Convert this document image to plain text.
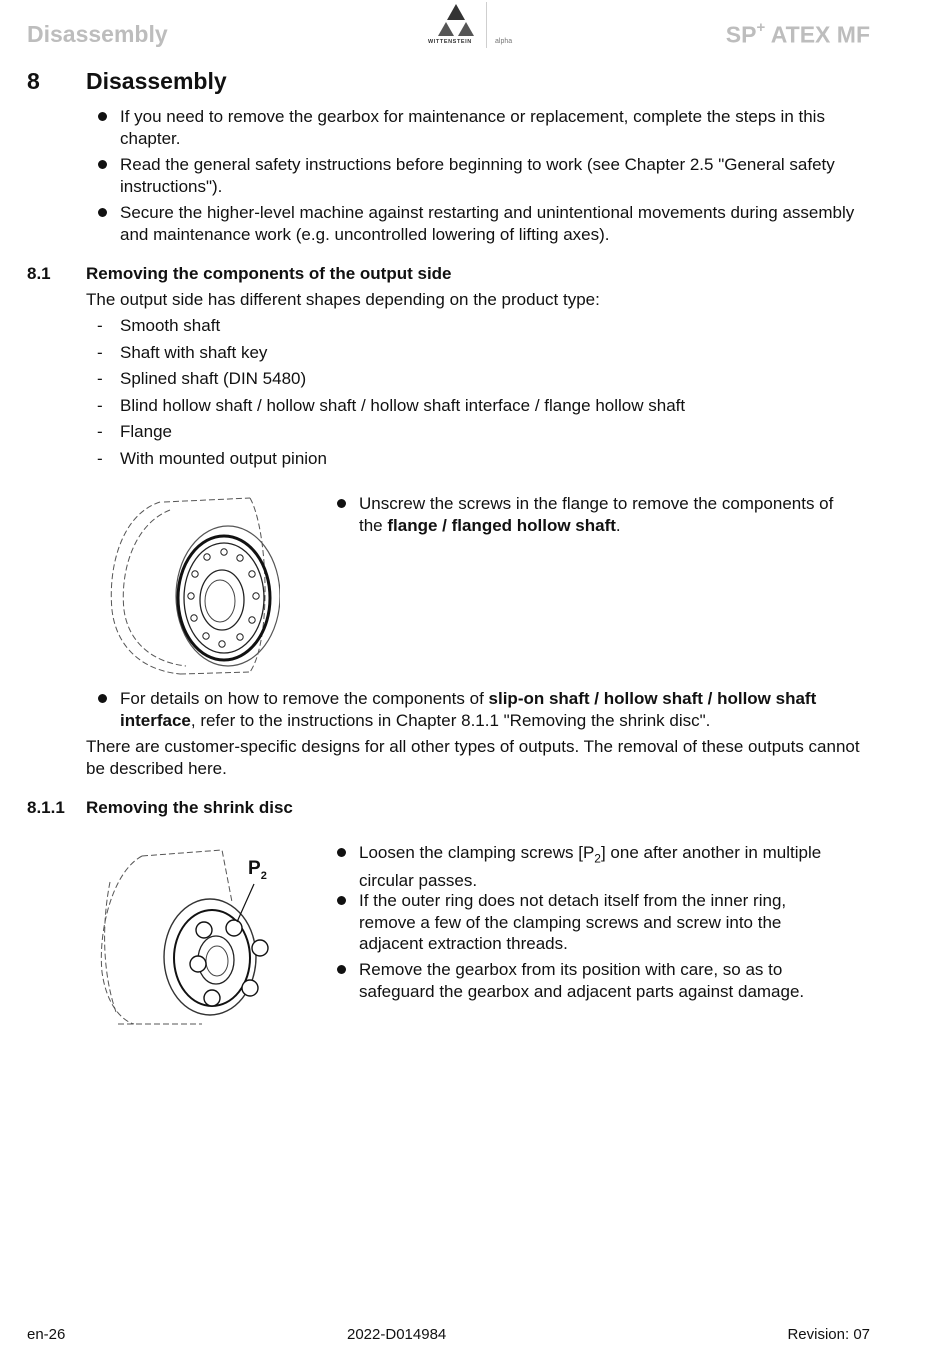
Disassembly	WITTENSTEIN	alpha	SP+ ATEX MF
8 Disassembly
If you need to remove the gearbox for maintenance or replacement, complete the steps in this chapter.
Read the general safety instructions before beginning to work (see Chapter 2.5 "General safety instructions").
Secure the higher-level machine against restarting and unintentional movements during assembly and maintenance work (e.g. uncontrolled lowering of lifting axes).
8.1 Removing the components of the output side
The output side has different shapes depending on the product type:
- Smooth shaft
- Shaft with shaft key
- Splined shaft (DIN 5480)
- Blind hollow shaft / hollow shaft / hollow shaft interface / flange hollow shaft
- Flange
- With mounted output pinion
Unscrew the screws in the flange to remove the components of the flange / flanged hollow shaft.
For details on how to remove the components of slip-on shaft / hollow shaft / hollow shaft interface, refer to the instructions in Chapter 8.1.1 "Removing the shrink disc".
There are customer-specific designs for all other types of outputs. The removal of these outputs cannot be described here.
8.1.1 Removing the shrink disc
$P_2$
Loosen the clamping screws $[P_2]$ one after another in multiple circular passes.
If the outer ring does not detach itself from the inner ring, remove a few of the clamping screws and screw into the adjacent extraction threads.
Remove the gearbox from its position with care, so as to safeguard the gearbox and adjacent parts against damage.
en-26	2022-D014984	Revision: 07
